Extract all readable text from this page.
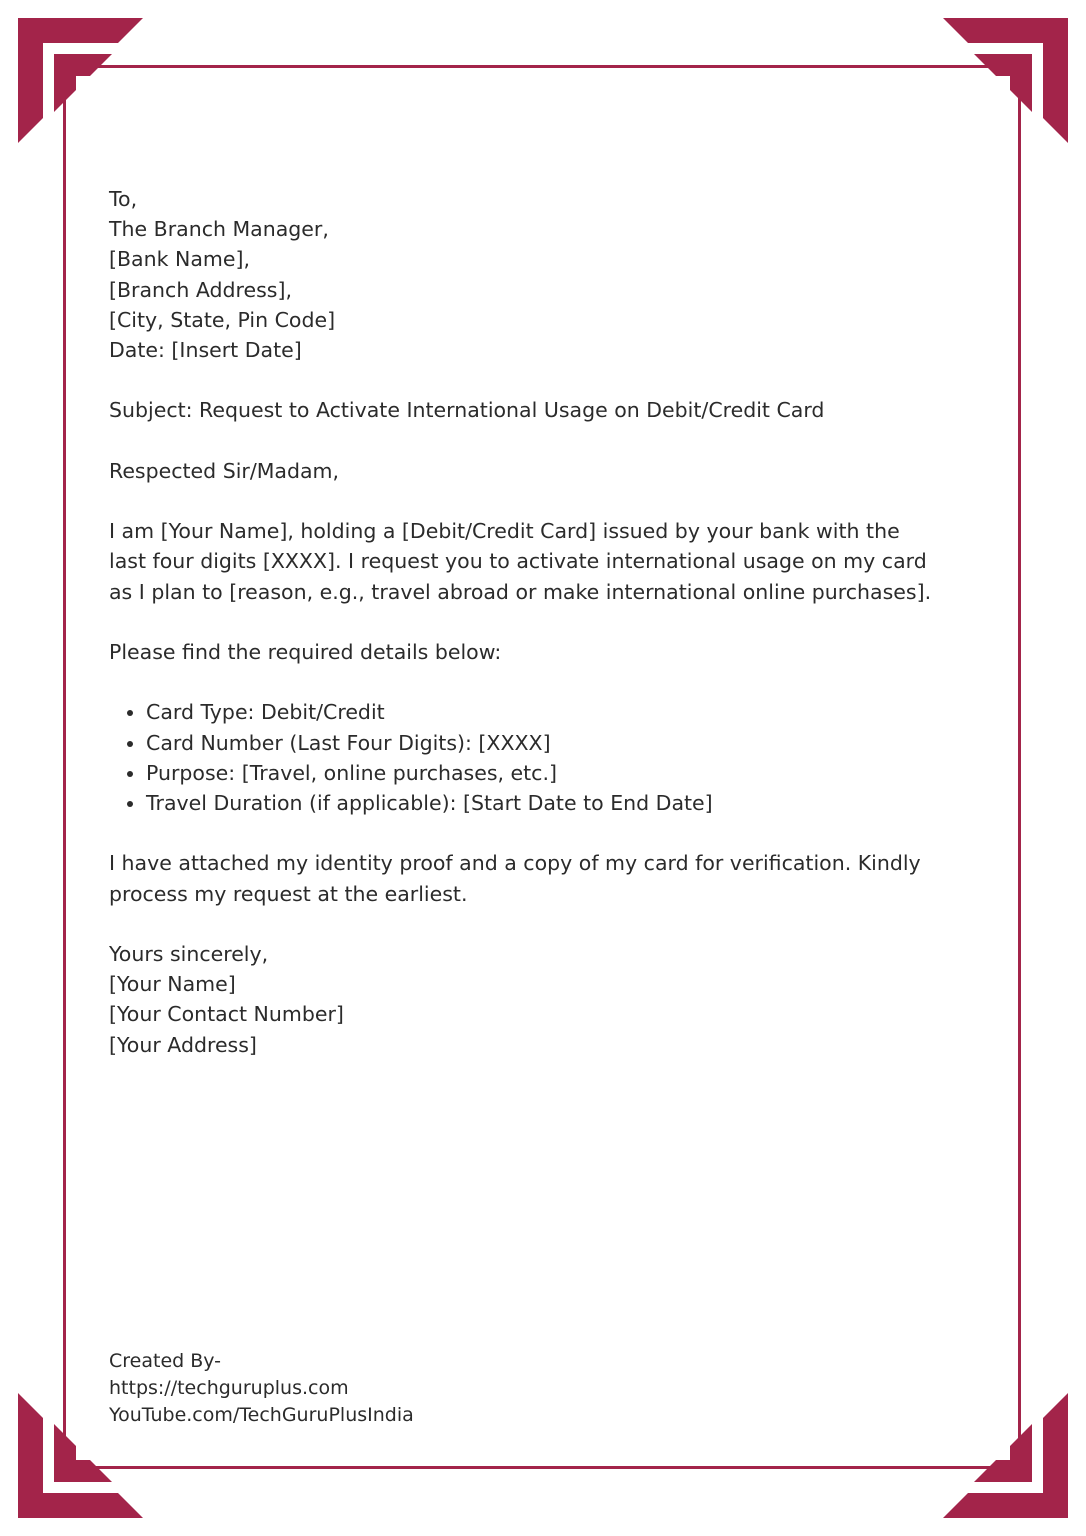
To,
The Branch Manager,
[Bank Name],
[Branch Address],
[City, State, Pin Code]
Date: [Insert Date]
Subject: Request to Activate International Usage on Debit/Credit Card
Respected Sir/Madam,
I am [Your Name], holding a [Debit/Credit Card] issued by your bank with the
last four digits [XXXX]. I request you to activate international usage on my card
as I plan to [reason, e.g., travel abroad or make international online purchases].
Please find the required details below:
• Card Type: Debit/Credit
• Card Number (Last Four Digits): [XXXX]
• Purpose: [Travel, online purchases, etc.]
• Travel Duration (if applicable): [Start Date to End Date]
I have attached my identity proof and a copy of my card for verification. Kindly
process my request at the earliest.
Yours sincerely,
[Your Name]
[Your Contact Number]
[Your Address]
Created By-
https://techguruplus.com
YouTube.com/TechGuruPlusIndia
